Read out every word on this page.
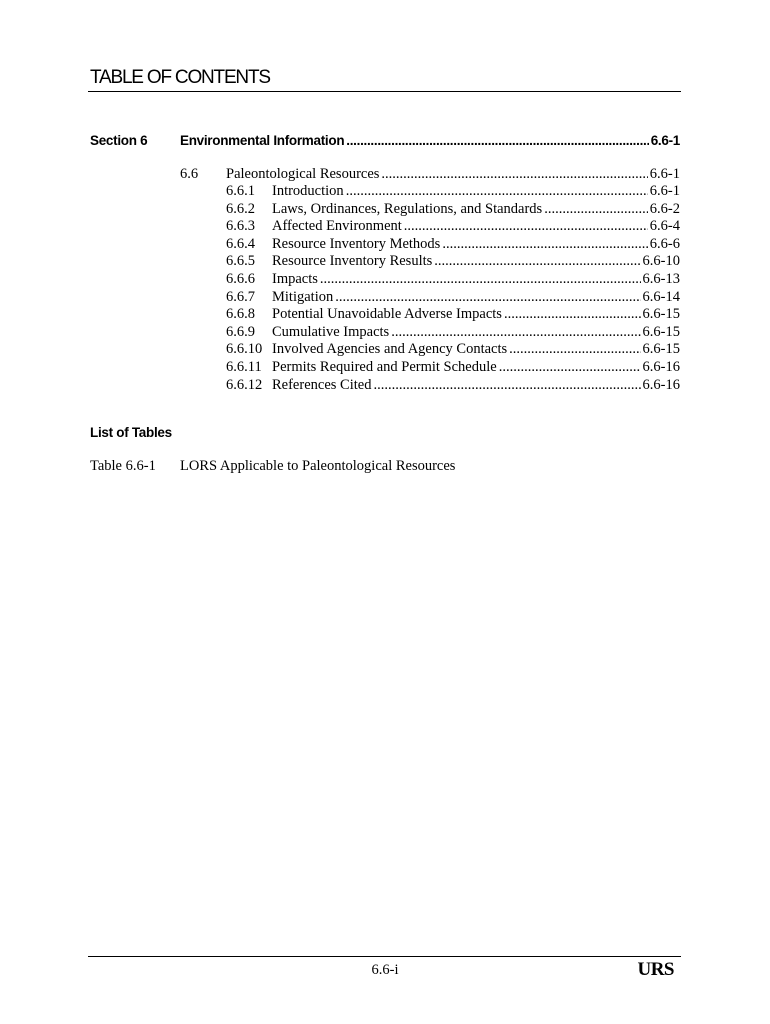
TABLE OF CONTENTS
Section 6 Environmental Information .....	6.6-1
6.6	Paleontological Resources .....	6.6-1
6.6.1	Introduction .....	6.6-1
6.6.2	Laws, Ordinances, Regulations, and Standards .....	6.6-2
6.6.3	Affected Environment .....	6.6-4
6.6.4	Resource Inventory Methods .....	6.6-6
6.6.5	Resource Inventory Results .....	6.6-10
6.6.6	Impacts .....	6.6-13
6.6.7	Mitigation .....	6.6-14
6.6.8	Potential Unavoidable Adverse Impacts .....	6.6-15
6.6.9	Cumulative Impacts .....	6.6-15
6.6.10 Involved Agencies and Agency Contacts .....	6.6-15
6.6.11 Permits Required and Permit Schedule .....	6.6-16
6.6.12 References Cited .....	6.6-16
List of Tables
Table 6.6-1 LORS Applicable to Paleontological Resources
6.6-i	URS
